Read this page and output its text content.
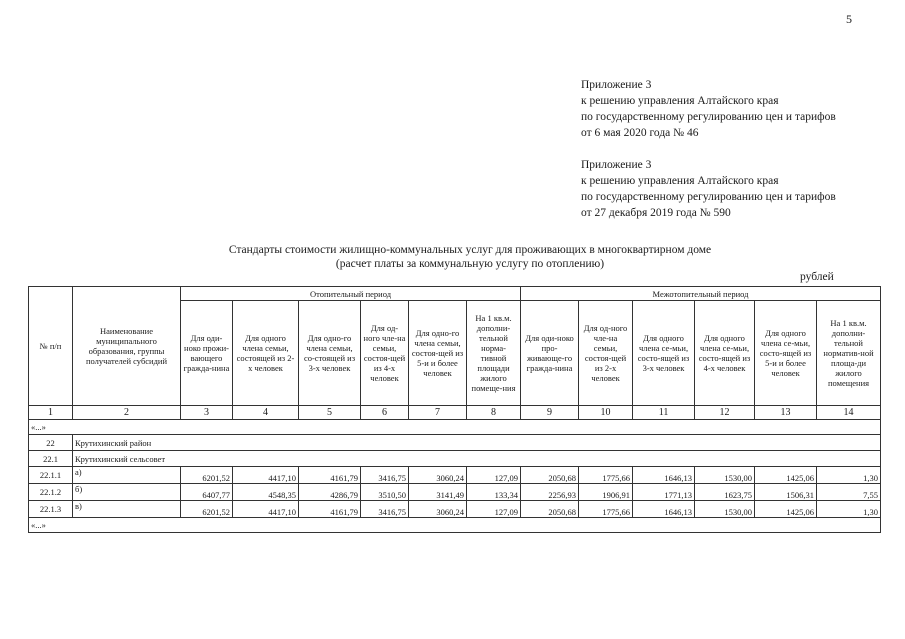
5
Приложение 3
к решению управления Алтайского края
по государственному регулированию цен и тарифов
от 6 мая 2020 года № 46
Приложение 3
к решению управления Алтайского края
по государственному регулированию цен и тарифов
от 27 декабря 2019 года № 590
Стандарты стоимости жилищно-коммунальных услуг для проживающих в многоквартирном доме
(расчет платы за коммунальную услугу по отоплению)
рублей
№ п/п	Наименование муниципального образования, группы получателей субсидий	Отопительный период						Межотопительный период					
		Для оди-ноко прожи-вающего гражда-нина	Для одного члена семьи, состоящей из 2-х человек	Для одно-го члена семьи, со-стоящей из 3-х человек	Для од-ного чле-на семьи, состоя-щей из 4-х человек	Для одно-го члена семьи, состоя-щей из 5-и и более человек	На 1 кв.м. дополни-тельной норма-тивной площади жилого помеще-ния	Для оди-ноко про-живающе-го гражда-нина	Для од-ного чле-на семьи, состоя-щей из 2-х человек	Для одного члена се-мьи, состо-ящей из 3-х человек	Для одного члена се-мьи, состо-ящей из 4-х человек	Для одного члена се-мьи, состо-ящей из 5-и и более человек	На 1 кв.м. дополни-тельной норматив-ной площа-ди жилого помещения
1	2	3	4	5	6	7	8	9	10	11	12	13	14
«...»													
22	Крутихинский район												
22.1	Крутихинский сельсовет												
22.1.1	а)	6201,52	4417,10	4161,79	3416,75	3060,24	127,09	2050,68	1775,66	1646,13	1530,00	1425,06	1,30
22.1.2	б)	6407,77	4548,35	4286,79	3510,50	3141,49	133,34	2256,93	1906,91	1771,13	1623,75	1506,31	7,55
22.1.3	в)	6201,52	4417,10	4161,79	3416,75	3060,24	127,09	2050,68	1775,66	1646,13	1530,00	1425,06	1,30
«...»													
